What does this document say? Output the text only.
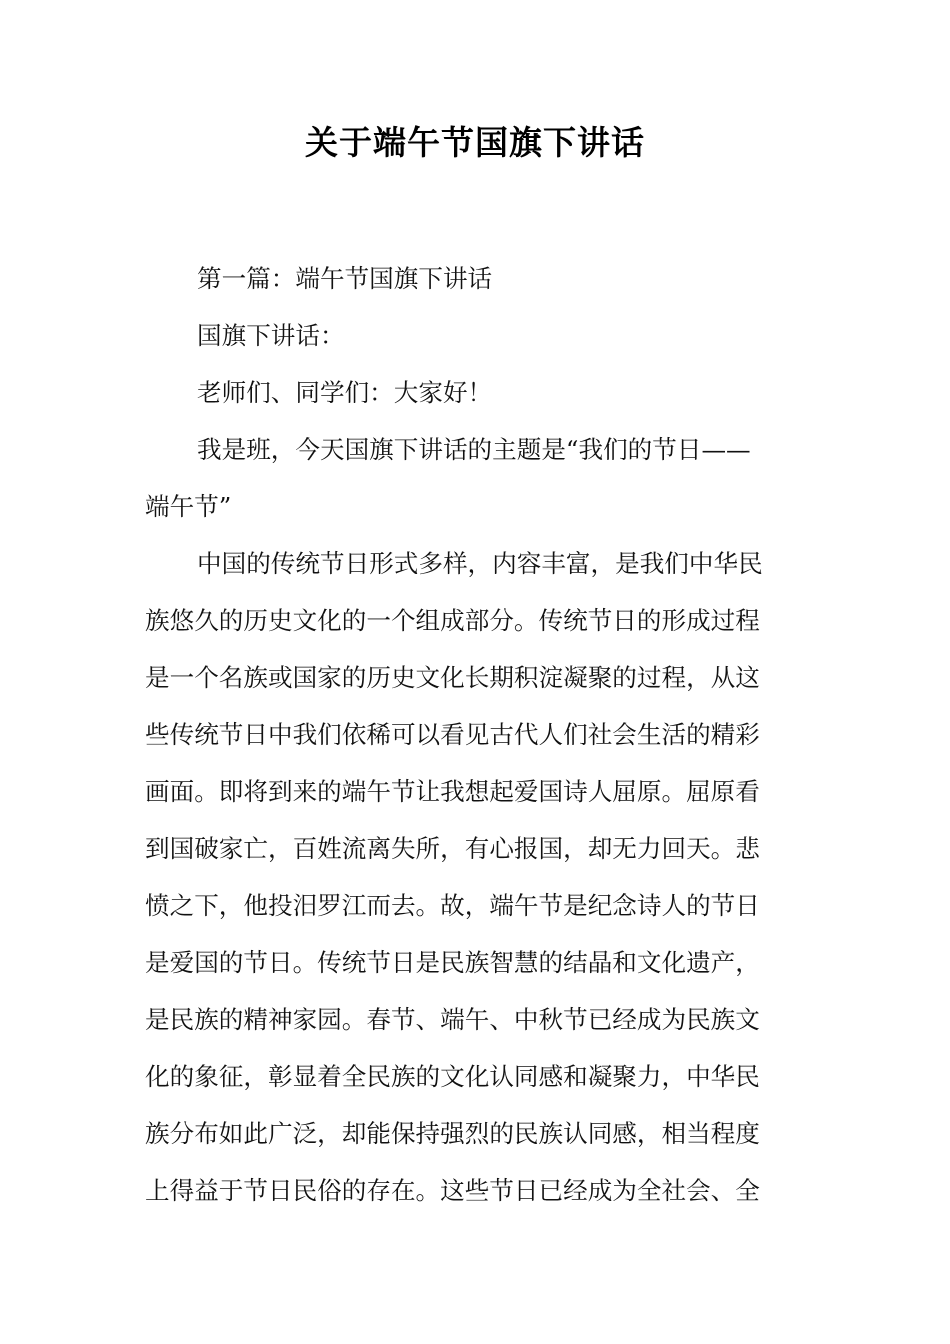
关于端午节国旗下讲话
第一篇：端午节国旗下讲话
国旗下讲话：
老师们、同学们：大家好！
我是班，今天国旗下讲话的主题是“我们的节日——
端午节”
中国的传统节日形式多样，内容丰富，是我们中华民
族悠久的历史文化的一个组成部分。传统节日的形成过程
是一个名族或国家的历史文化长期积淀凝聚的过程，从这
些传统节日中我们依稀可以看见古代人们社会生活的精彩
画面。即将到来的端午节让我想起爱国诗人屈原。屈原看
到国破家亡，百姓流离失所，有心报国，却无力回天。悲
愤之下，他投汨罗江而去。故，端午节是纪念诗人的节日
是爱国的节日。传统节日是民族智慧的结晶和文化遗产，
是民族的精神家园。春节、端午、中秋节已经成为民族文
化的象征，彰显着全民族的文化认同感和凝聚力，中华民
族分布如此广泛，却能保持强烈的民族认同感，相当程度
上得益于节日民俗的存在。这些节日已经成为全社会、全
